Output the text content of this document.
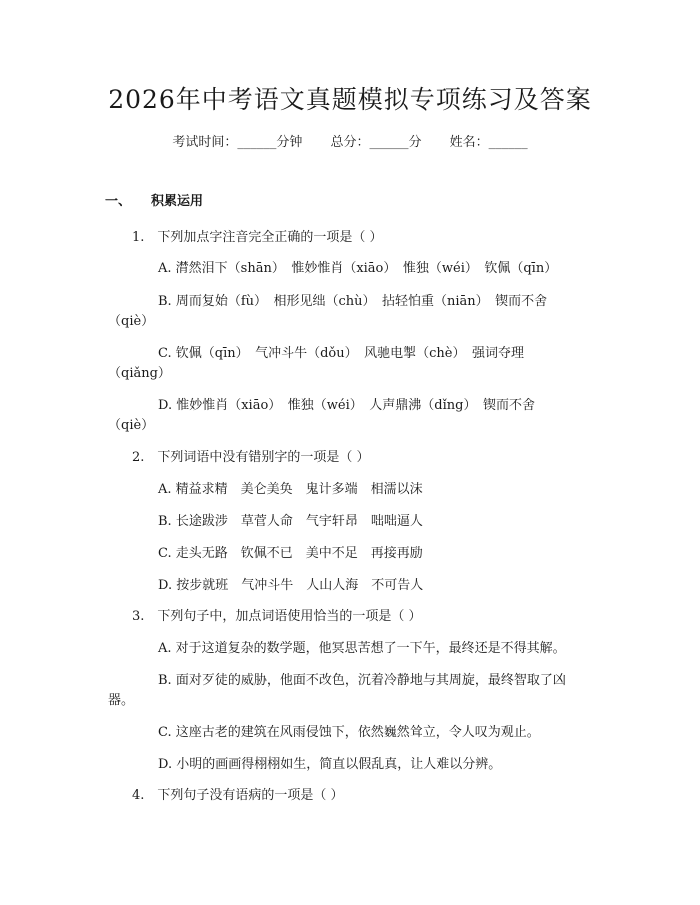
2026年中考语文真题模拟专项练习及答案
考试时间：______分钟 总分：______分 姓名：______
一、 积累运用
1.　下列加点字注音完全正确的一项是（ ）
A. 潸然泪下（shān）　惟妙惟肖（xiāo）　惟独（wéi）　钦佩（qīn）
B. 周而复始（fù）　相形见绌（chù）　拈轻怕重（niān）　锲而不舍
（qiè）
C. 钦佩（qīn）　气冲斗牛（dǒu）　风驰电掣（chè）　强词夺理
（qiǎng）
D. 惟妙惟肖（xiāo）　惟独（wéi）　人声鼎沸（dǐng）　锲而不舍
（qiè）
2.　下列词语中没有错别字的一项是（ ）
A. 精益求精　美仑美奂　鬼计多端　相濡以沫
B. 长途跋涉　草菅人命　气宇轩昂　咄咄逼人
C. 走头无路　钦佩不已　美中不足　再接再励
D. 按步就班　气冲斗牛　人山人海　不可告人
3.　下列句子中，加点词语使用恰当的一项是（ ）
A. 对于这道复杂的数学题，他冥思苦想了一下午，最终还是不得其解。
B. 面对歹徒的威胁，他面不改色，沉着冷静地与其周旋，最终智取了凶
器。
C. 这座古老的建筑在风雨侵蚀下，依然巍然耸立，令人叹为观止。
D. 小明的画画得栩栩如生，简直以假乱真，让人难以分辨。
4.　下列句子没有语病的一项是（ ）
